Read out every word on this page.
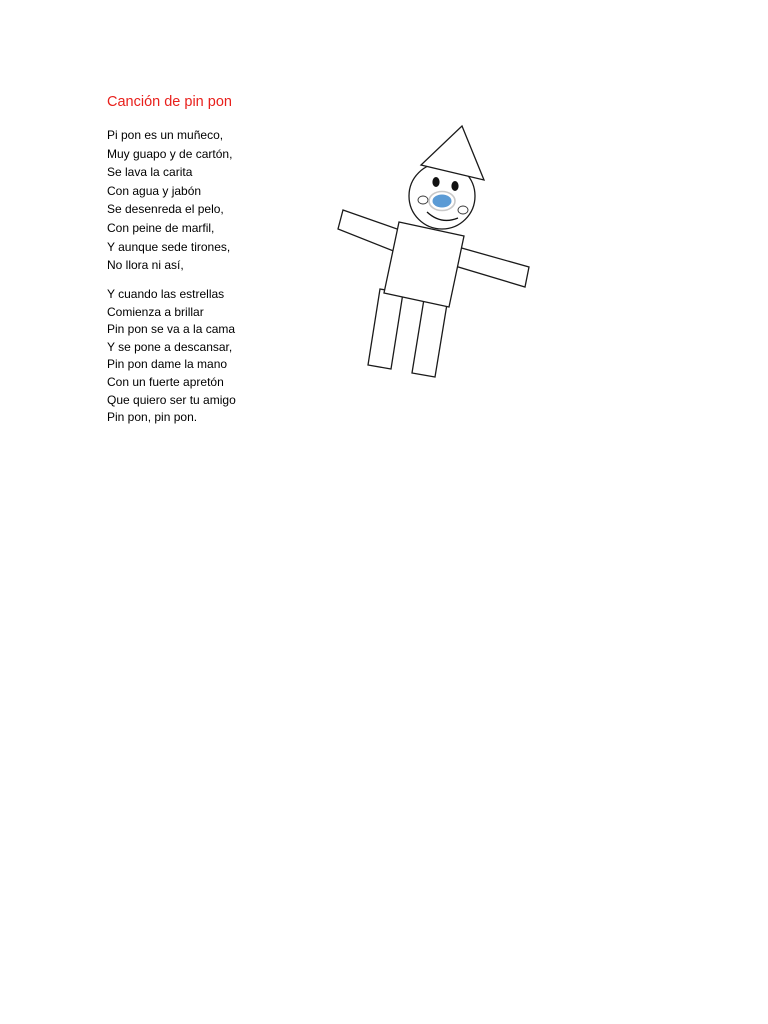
Canción de pin pon
Pi pon es un muñeco,
Muy guapo y de cartón,
Se lava la carita
Con agua y jabón
Se desenreda el pelo,
Con peine de marfil,
Y aunque sede tirones,
No llora ni así,
Y cuando las estrellas
Comienza a brillar
Pin pon se va a la cama
Y se pone a descansar,
Pin pon dame la mano
Con un fuerte apretón
Que quiero ser tu amigo
Pin pon, pin pon.
